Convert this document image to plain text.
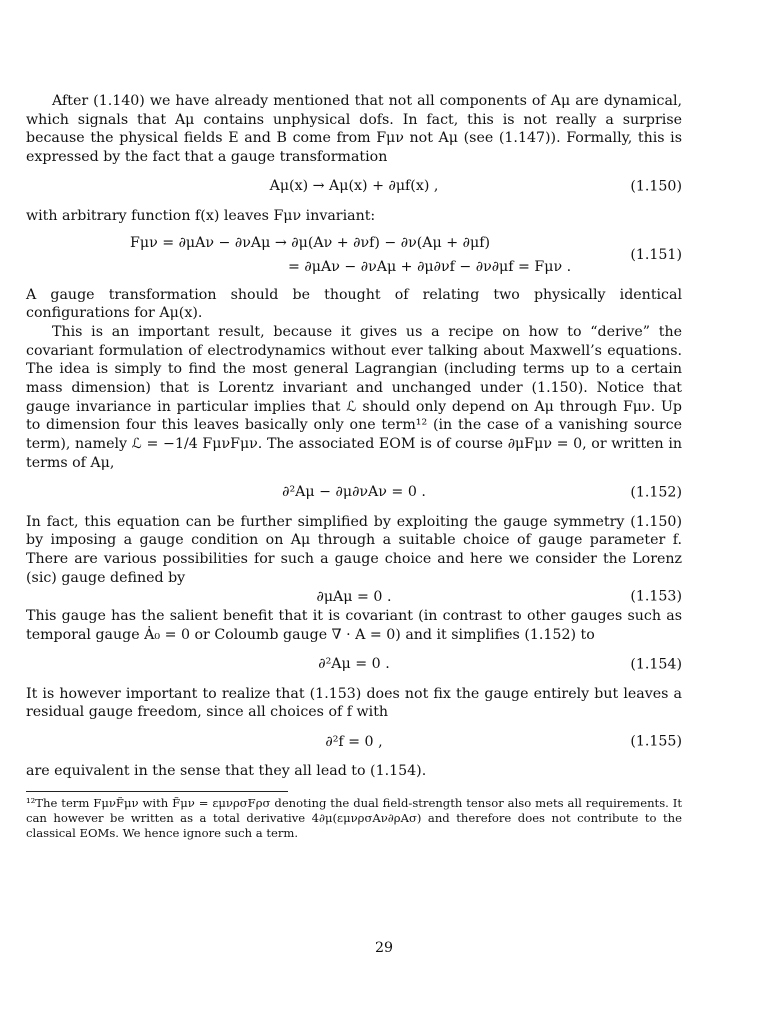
After (1.140) we have already mentioned that not all components of Aμ are dynamical, which signals that Aμ contains unphysical dofs. In fact, this is not really a surprise because the physical fields E and B come from Fμν not Aμ (see (1.147)). Formally, this is expressed by the fact that a gauge transformation

Aμ(x) → Aμ(x) + ∂μf(x) ,	(1.150)

with arbitrary function f(x) leaves Fμν invariant:

Fμν = ∂μAν − ∂νAμ → ∂μ(Aν + ∂νf) − ∂ν(Aμ + ∂μf)
= ∂μAν − ∂νAμ + ∂μ∂νf − ∂ν∂μf = Fμν .
(1.151)

A gauge transformation should be thought of relating two physically identical configurations for Aμ(x).

This is an important result, because it gives us a recipe on how to “derive” the covariant formulation of electrodynamics without ever talking about Maxwell’s equations. The idea is simply to find the most general Lagrangian (including terms up to a certain mass dimension) that is Lorentz invariant and unchanged under (1.150). Notice that gauge invariance in particular implies that ℒ should only depend on Aμ through Fμν. Up to dimension four this leaves basically only one term¹² (in the case of a vanishing source term), namely ℒ = −1/4 FμνFμν. The associated EOM is of course ∂μFμν = 0, or written in terms of Aμ,

∂²Aμ − ∂μ∂νAν = 0 .	(1.152)

In fact, this equation can be further simplified by exploiting the gauge symmetry (1.150) by imposing a gauge condition on Aμ through a suitable choice of gauge parameter f. There are various possibilities for such a gauge choice and here we consider the Lorenz (sic) gauge defined by

∂μAμ = 0 .	(1.153)

This gauge has the salient benefit that it is covariant (in contrast to other gauges such as temporal gauge Ȧ₀ = 0 or Coloumb gauge ∇ · A = 0) and it simplifies (1.152) to

∂²Aμ = 0 .	(1.154)

It is however important to realize that (1.153) does not fix the gauge entirely but leaves a residual gauge freedom, since all choices of f with

∂²f = 0 ,	(1.155)

are equivalent in the sense that they all lead to (1.154).

¹²The term FμνF̃μν with F̃μν = εμνρσFρσ denoting the dual field-strength tensor also mets all requirements. It can however be written as a total derivative 4∂μ(εμνρσAν∂ρAσ) and therefore does not contribute to the classical EOMs. We hence ignore such a term.

29
